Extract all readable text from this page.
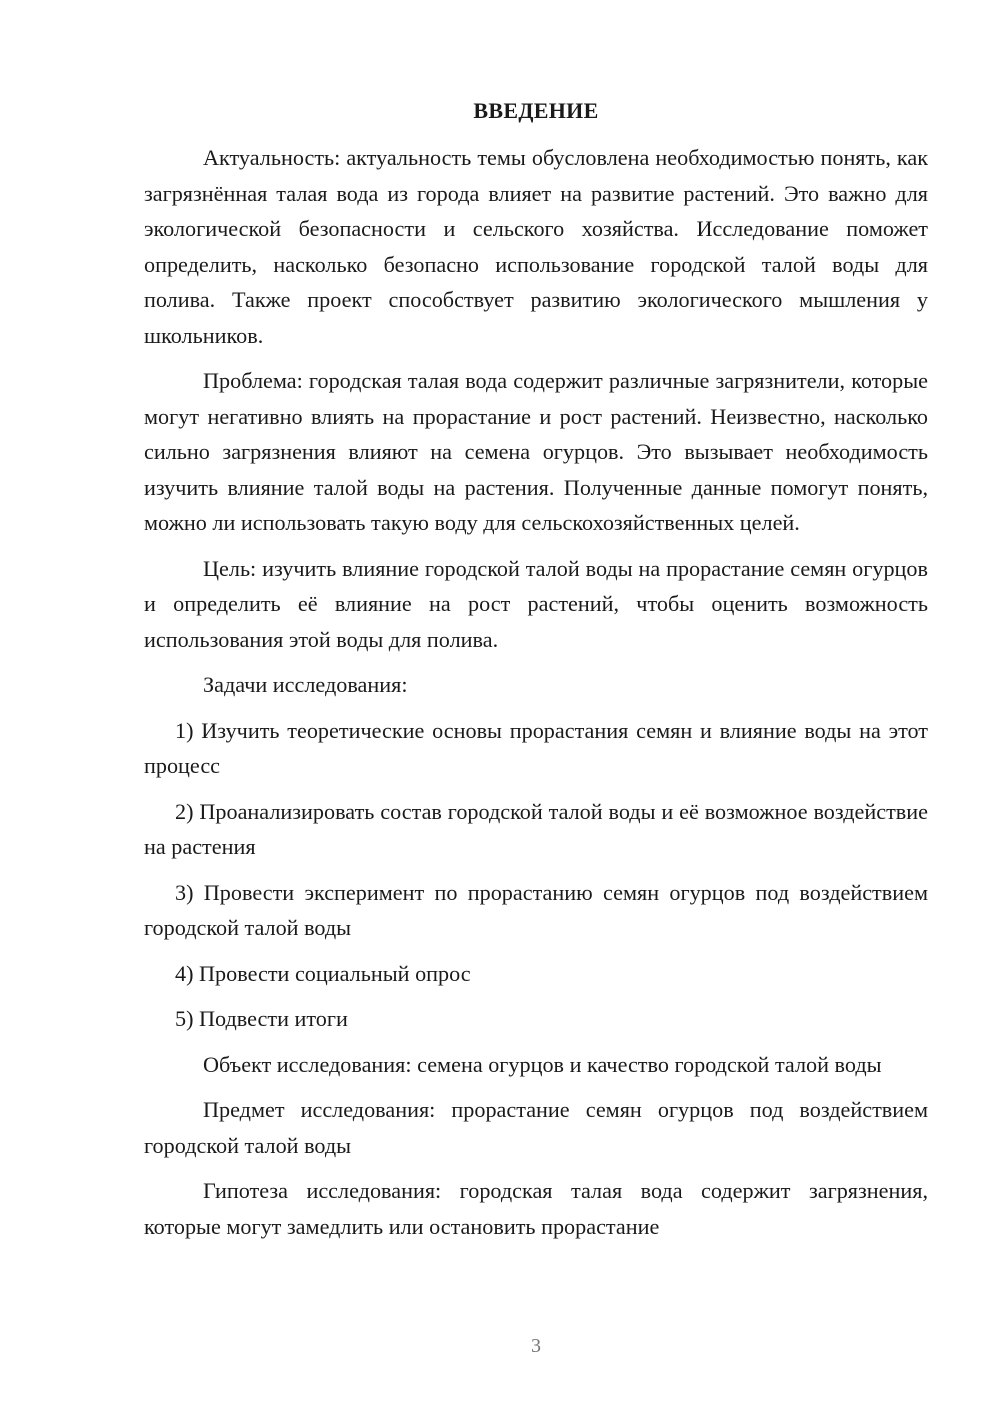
ВВЕДЕНИЕ

Актуальность: актуальность темы обусловлена необходимостью понять, как загрязнённая талая вода из города влияет на развитие растений. Это важно для экологической безопасности и сельского хозяйства. Исследование поможет определить, насколько безопасно использование городской талой воды для полива. Также проект способствует развитию экологического мышления у школьников.

Проблема: городская талая вода содержит различные загрязнители, которые могут негативно влиять на прорастание и рост растений. Неизвестно, насколько сильно загрязнения влияют на семена огурцов. Это вызывает необходимость изучить влияние талой воды на растения. Полученные данные помогут понять, можно ли использовать такую воду для сельскохозяйственных целей.

Цель: изучить влияние городской талой воды на прорастание семян огурцов и определить её влияние на рост растений, чтобы оценить возможность использования этой воды для полива.

Задачи исследования:

1) Изучить теоретические основы прорастания семян и влияние воды на этот процесс

2) Проанализировать состав городской талой воды и её возможное воздействие на растения

3) Провести эксперимент по прорастанию семян огурцов под воздействием городской талой воды

4) Провести социальный опрос

5) Подвести итоги

Объект исследования: семена огурцов и качество городской талой воды

Предмет исследования: прорастание семян огурцов под воздействием городской талой воды

Гипотеза исследования: городская талая вода содержит загрязнения, которые могут замедлить или остановить прорастание

3
